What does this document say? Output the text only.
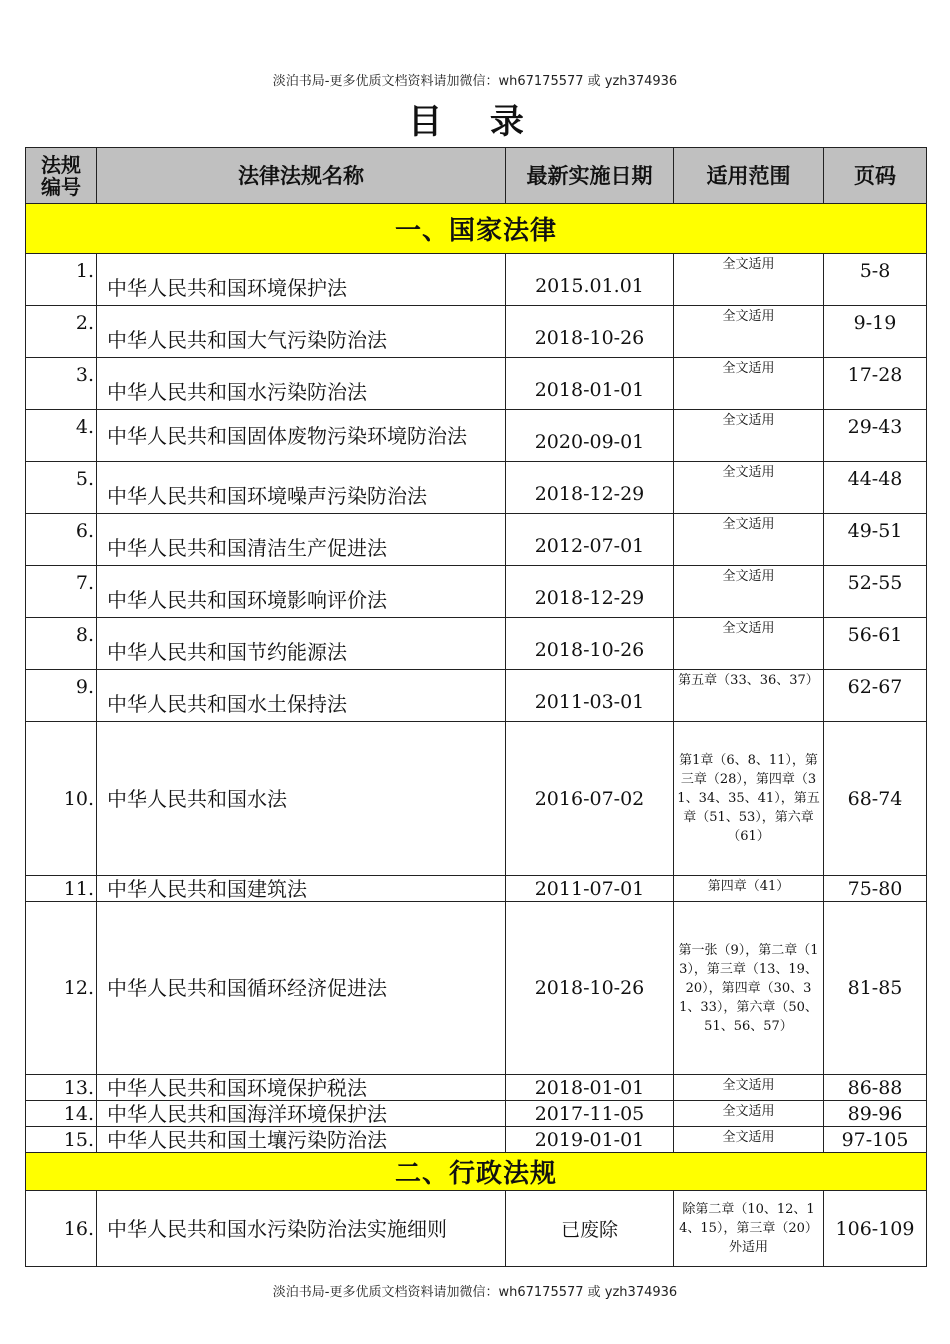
淡泊书局-更多优质文档资料请加微信：wh67175577 或 yzh374936
目 录
法规
编号	法律法规名称	最新实施日期	适用范围	页码
一、国家法律				
1.	中华人民共和国环境保护法	2015.01.01	全文适用	5-8
2.	中华人民共和国大气污染防治法	2018-10-26	全文适用	9-19
3.	中华人民共和国水污染防治法	2018-01-01	全文适用	17-28
4.	中华人民共和国固体废物污染环境防治法	2020-09-01	全文适用	29-43
5.	中华人民共和国环境噪声污染防治法	2018-12-29	全文适用	44-48
6.	中华人民共和国清洁生产促进法	2012-07-01	全文适用	49-51
7.	中华人民共和国环境影响评价法	2018-12-29	全文适用	52-55
8.	中华人民共和国节约能源法	2018-10-26	全文适用	56-61
9.	中华人民共和国水土保持法	2011-03-01	第五章（33、36、37）	62-67
10.	中华人民共和国水法	2016-07-02	第1章（6、8、11），第三章（28），第四章（31、34、35、41），第五章（51、53），第六章（61）	68-74
11.	中华人民共和国建筑法	2011-07-01	第四章（41）	75-80
12.	中华人民共和国循环经济促进法	2018-10-26	第一张（9），第二章（13），第三章（13、19、20），第四章（30、31、33），第六章（50、51、56、57）	81-85
13.	中华人民共和国环境保护税法	2018-01-01	全文适用	86-88
14.	中华人民共和国海洋环境保护法	2017-11-05	全文适用	89-96
15.	中华人民共和国土壤污染防治法	2019-01-01	全文适用	97-105
二、行政法规				
16.	中华人民共和国水污染防治法实施细则	已废除	除第二章（10、12、14、15），第三章（20）外适用	106-109
淡泊书局-更多优质文档资料请加微信：wh67175577 或 yzh374936
